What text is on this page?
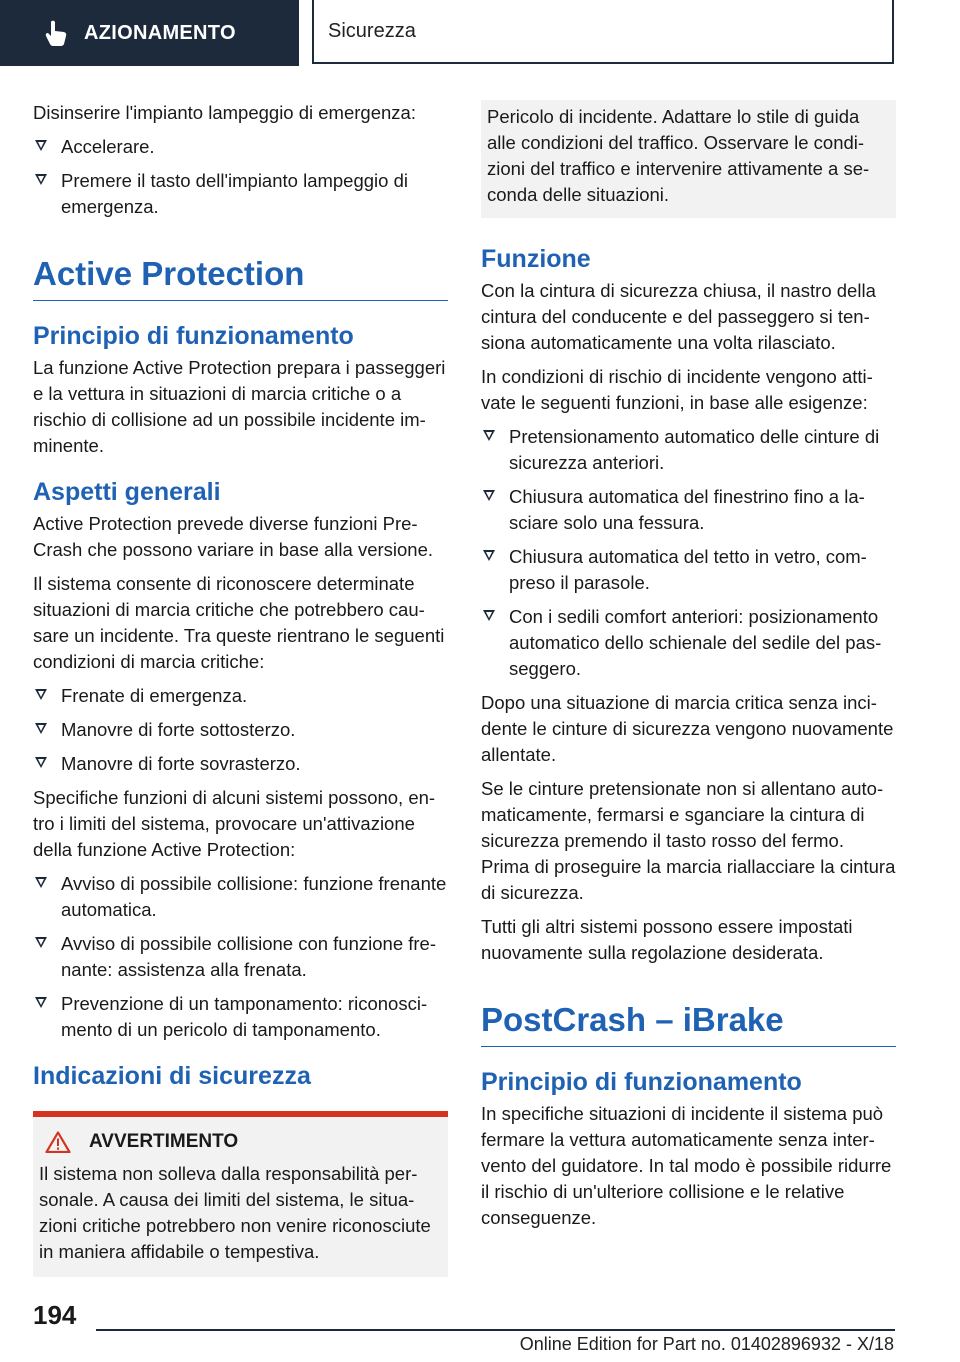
AZIONAMENTO	Sicurezza

Disinserire l'impianto lampeggio di emergenza:

Accelerare.
Premere il tasto dell'impianto lampeggio di emergenza.
Active Protection
Principio di funzionamento

La funzione Active Protection prepara i passeggeri e la vettura in situazioni di marcia critiche o a rischio di collisione ad un possibile incidente imminente.

Aspetti generali

Active Protection prevede diverse funzioni Pre-Crash che possono variare in base alla versione.

Il sistema consente di riconoscere determinate situazioni di marcia critiche che potrebbero causare un incidente. Tra queste rientrano le seguenti condizioni di marcia critiche:

Frenate di emergenza.
Manovre di forte sottosterzo.
Manovre di forte sovrasterzo.

Specifiche funzioni di alcuni sistemi possono, entro i limiti del sistema, provocare un'attivazione della funzione Active Protection:

Avviso di possibile collisione: funzione frenante automatica.
Avviso di possibile collisione con funzione frenante: assistenza alla frenata.
Prevenzione di un tamponamento: riconoscimento di un pericolo di tamponamento.
Indicazioni di sicurezza
AVVERTIMENTO

Il sistema non solleva dalla responsabilità personale. A causa dei limiti del sistema, le situazioni critiche potrebbero non venire riconosciute in maniera affidabile o tempestiva.

Pericolo di incidente. Adattare lo stile di guida alle condizioni del traffico. Osservare le condizioni del traffico e intervenire attivamente a seconda delle situazioni.

Funzione

Con la cintura di sicurezza chiusa, il nastro della cintura del conducente e del passeggero si tensiona automaticamente una volta rilasciato.

In condizioni di rischio di incidente vengono attivate le seguenti funzioni, in base alle esigenze:

Pretensionamento automatico delle cinture di sicurezza anteriori.
Chiusura automatica del finestrino fino a lasciare solo una fessura.
Chiusura automatica del tetto in vetro, compreso il parasole.
Con i sedili comfort anteriori: posizionamento automatico dello schienale del sedile del passeggero.

Dopo una situazione di marcia critica senza incidente le cinture di sicurezza vengono nuovamente allentate.

Se le cinture pretensionate non si allentano automaticamente, fermarsi e sganciare la cintura di sicurezza premendo il tasto rosso del fermo. Prima di proseguire la marcia riallacciare la cintura di sicurezza.

Tutti gli altri sistemi possono essere impostati nuovamente sulla regolazione desiderata.

PostCrash – iBrake
Principio di funzionamento

In specifiche situazioni di incidente il sistema può fermare la vettura automaticamente senza intervento del guidatore. In tal modo è possibile ridurre il rischio di un'ulteriore collisione e le relative conseguenze.

194
Online Edition for Part no. 01402896932 - X/18
